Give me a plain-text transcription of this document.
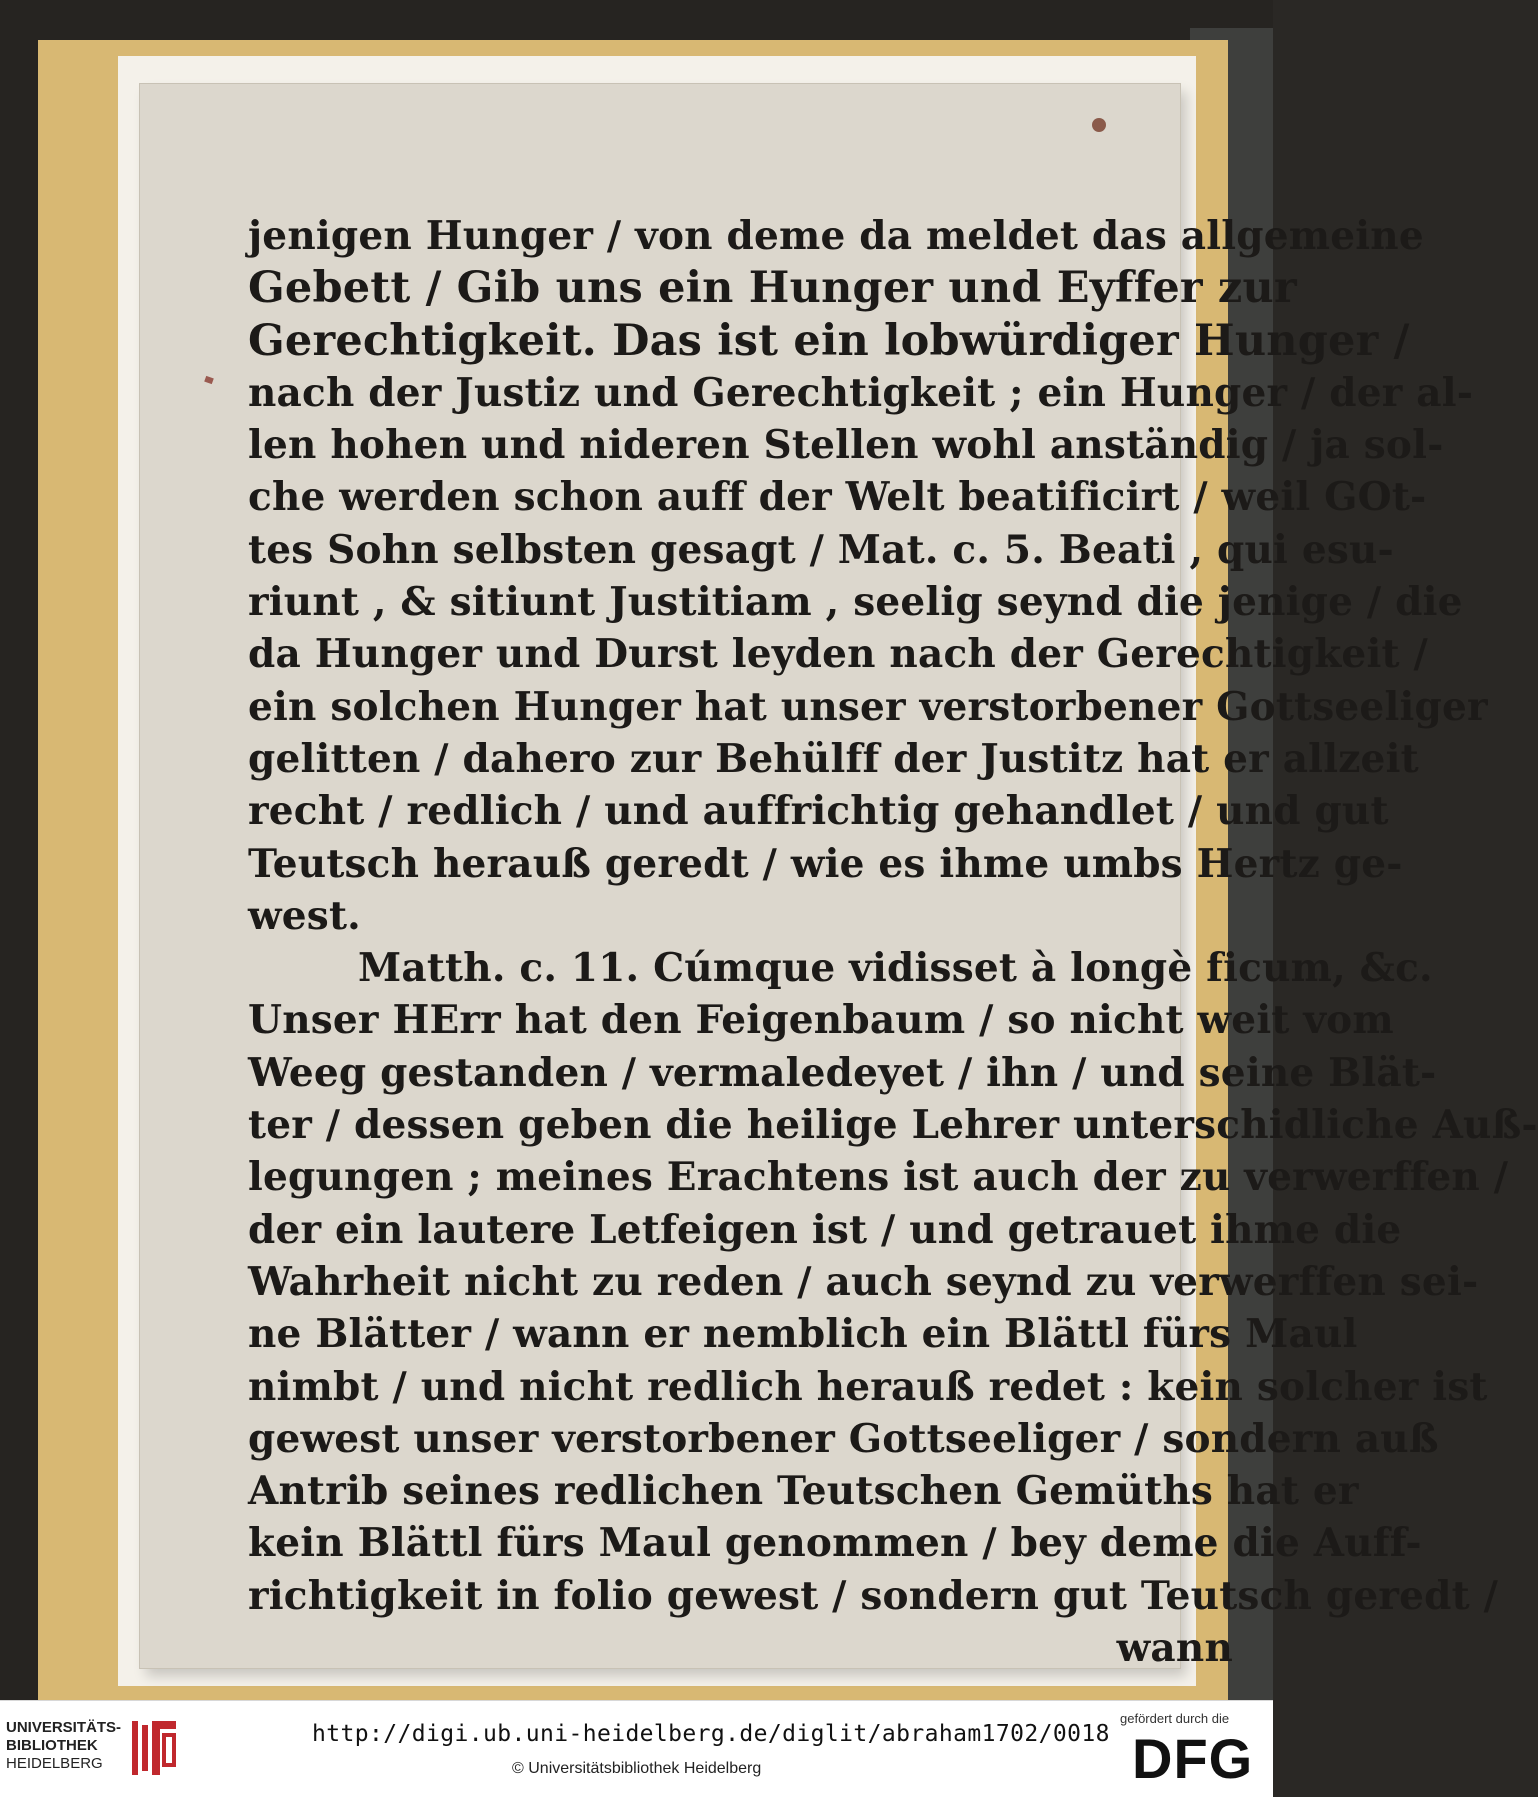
jenigen Hunger / von deme da meldet das allgemeine
Gebett / Gib uns ein Hunger und Eyffer zur
Gerechtigkeit. Das ist ein lobwürdiger Hunger /
nach der Justiz und Gerechtigkeit ; ein Hunger / der al-
len hohen und nideren Stellen wohl anständig / ja sol-
che werden schon auff der Welt beatificirt / weil GOt-
tes Sohn selbsten gesagt / Mat. c. 5. Beati , qui esu-
riunt , & sitiunt Justitiam , seelig seynd die jenige / die
da Hunger und Durst leyden nach der Gerechtigkeit /
ein solchen Hunger hat unser verstorbener Gottseeliger
gelitten / dahero zur Behülff der Justitz hat er allzeit
recht / redlich / und auffrichtig gehandlet / und gut
Teutsch herauß geredt / wie es ihme umbs Hertz ge-
west.
Matth. c. 11. Cúmque vidisset à longè ficum, &c.
Unser HErr hat den Feigenbaum / so nicht weit vom
Weeg gestanden / vermaledeyet / ihn / und seine Blät-
ter / dessen geben die heilige Lehrer unterschidliche Auß-
legungen ; meines Erachtens ist auch der zu verwerffen /
der ein lautere Letfeigen ist / und getrauet ihme die
Wahrheit nicht zu reden / auch seynd zu verwerffen sei-
ne Blätter / wann er nemblich ein Blättl fürs Maul
nimbt / und nicht redlich herauß redet : kein solcher ist
gewest unser verstorbener Gottseeliger / sondern auß
Antrib seines redlichen Teutschen Gemüths hat er
kein Blättl fürs Maul genommen / bey deme die Auff-
richtigkeit in folio gewest / sondern gut Teutsch geredt /
wann
UNIVERSITÄTS-
BIBLIOTHEK
HEIDELBERG
http://digi.ub.uni-heidelberg.de/diglit/abraham1702/0018
© Universitätsbibliothek Heidelberg
gefördert durch die
DFG
